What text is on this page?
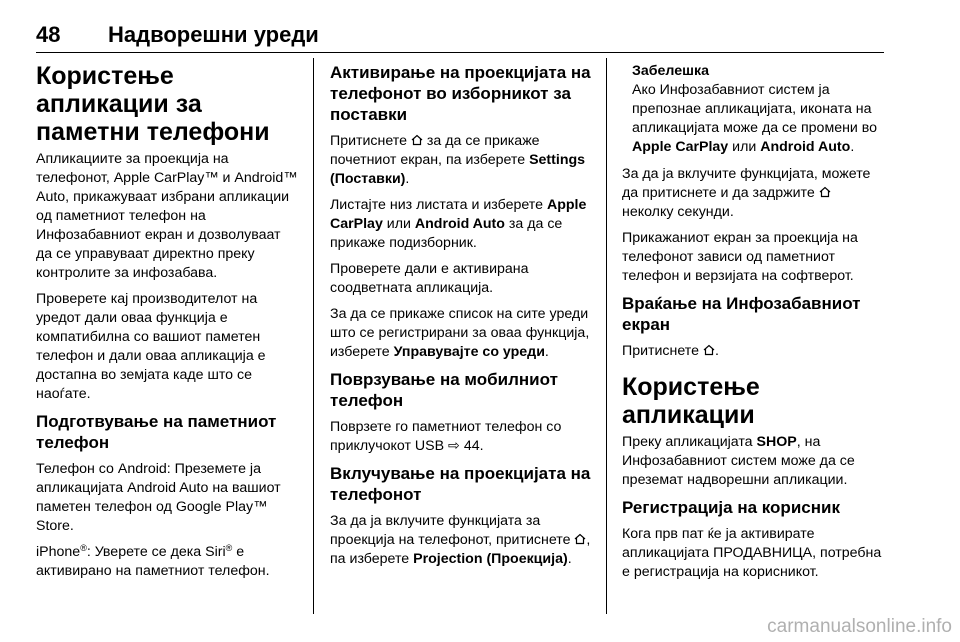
48 Надворешни уреди
Користење апликации за паметни телефони

Апликациите за проекција на телефонот, Apple CarPlay™ и Android™ Auto, прикажуваат избрани апликации од паметниот телефон на Инфозабавниот екран и дозволуваат да се управуваат директно преку контролите за инфозабава.

Проверете кај производителот на уредот дали оваа функција е компатибилна со вашиот паметен телефон и дали оваа апликација е достапна во земјата каде што се наоѓате.

Подготвување на паметниот телефон

Телефон со Android: Преземете ја апликацијата Android Auto на вашиот паметен телефон од Google Play™ Store.

iPhone®: Уверете се дека Siri® е активирано на паметниот телефон.

Активирање на проекцијата на телефонот во изборникот за поставки

Притиснете
за да се прикаже почетниот екран, па изберете Settings (Поставки).

Листајте низ листата и изберете Apple CarPlay или Android Auto за да се прикаже подизборник.

Проверете дали е активирана соодветната апликација.

За да се прикаже список на сите уреди што се регистрирани за оваа функција, изберете Управувајте со уреди.

Поврзување на мобилниот телефон

Поврзете го паметниот телефон со приклучокот USB ⇨ 44.

Вклучување на проекцијата на телефонот

За да ја вклучите функцијата за проекција на телефонот, притиснете
, па изберете Projection (Проекција).

Забелешка

Ако Инфозабавниот систем ја препознае апликацијата, иконата на апликацијата може да се промени во Apple CarPlay или Android Auto.

За да ја вклучите функцијата, можете да притиснете и да задржите
неколку секунди.

Прикажаниот екран за проекција на телефонот зависи од паметниот телефон и верзијата на софтверот.

Враќање на Инфозабавниот екран

Притиснете
.

Користење апликации

Преку апликацијата SHOP, на Инфозабавниот систем може да се преземат надворешни апликации.

Регистрација на корисник

Кога прв пат ќе ја активирате апликацијата ПРОДАВНИЦА, потребна е регистрација на корисникот.

carmanualsonline.info
